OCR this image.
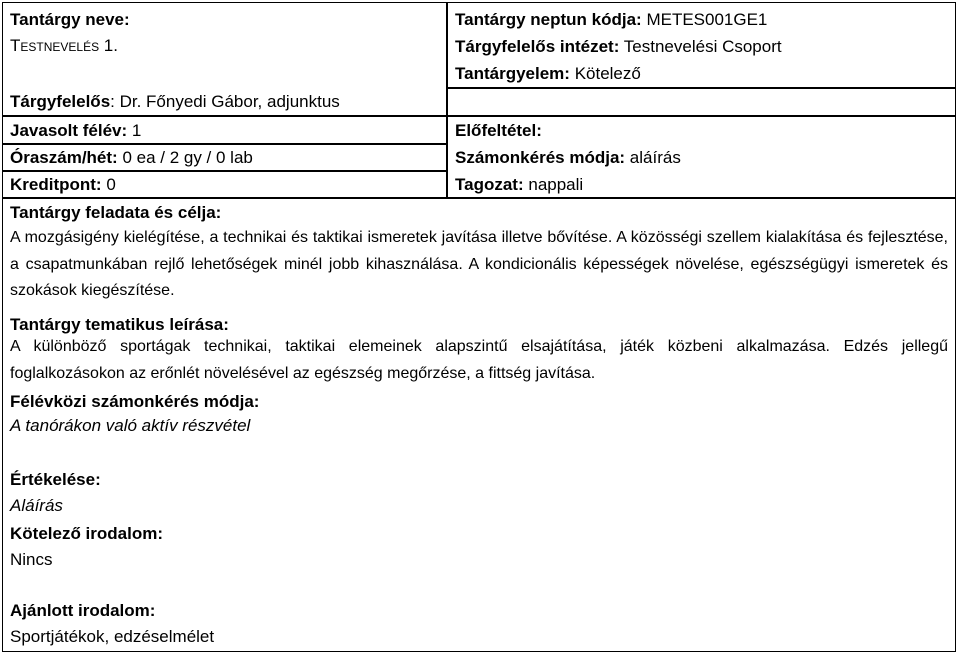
Tantárgy neve:
Testnevelés 1.
Tantárgy neptun kódja: METES001GE1
Tárgyfelelős intézet: Testnevelési Csoport
Tantárgyelem: Kötelező
Tárgyfelelős: Dr. Főnyedi Gábor, adjunktus
Javasolt félév: 1
Óraszám/hét: 0 ea / 2 gy / 0 lab
Kreditpont: 0
Előfeltétel:
Számonkérés módja: aláírás
Tagozat: nappali
Tantárgy feladata és célja:
A mozgásigény kielégítése, a technikai és taktikai ismeretek javítása illetve bővítése. A közösségi szellem kialakítása és fejlesztése, a csapatmunkában rejlő lehetőségek minél jobb kihasználása. A kondicionális képességek növelése, egészségügyi ismeretek és szokások kiegészítése.
Tantárgy tematikus leírása:
A különböző sportágak technikai, taktikai elemeinek alapszintű elsajátítása, játék közbeni alkalmazása. Edzés jellegű foglalkozásokon az erőnlét növelésével az egészség megőrzése, a fittség javítása.
Félévközi számonkérés módja:
A tanórákon való aktív részvétel
Értékelése:
Aláírás
Kötelező irodalom:
Nincs
Ajánlott irodalom:
Sportjátékok, edzéselmélet
